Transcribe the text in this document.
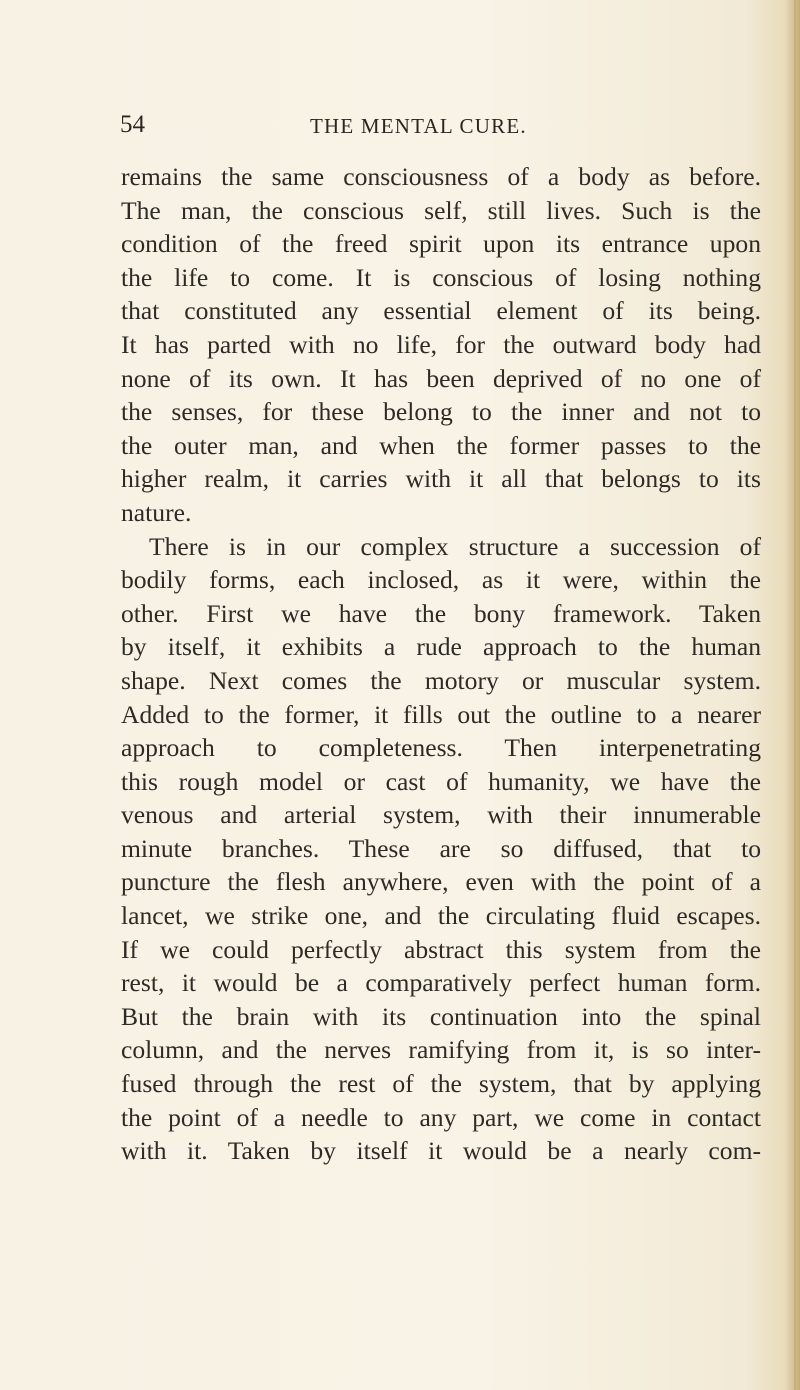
54	THE MENTAL CURE.
remains the same consciousness of a body as before.
The man, the conscious self, still lives. Such is the
condition of the freed spirit upon its entrance upon
the life to come. It is conscious of losing nothing
that constituted any essential element of its being.
It has parted with no life, for the outward body had
none of its own. It has been deprived of no one of
the senses, for these belong to the inner and not to
the outer man, and when the former passes to the
higher realm, it carries with it all that belongs to its
nature.
There is in our complex structure a succession of
bodily forms, each inclosed, as it were, within the
other. First we have the bony framework. Taken
by itself, it exhibits a rude approach to the human
shape. Next comes the motory or muscular system.
Added to the former, it fills out the outline to a nearer
approach to completeness. Then interpenetrating
this rough model or cast of humanity, we have the
venous and arterial system, with their innumerable
minute branches. These are so diffused, that to
puncture the flesh anywhere, even with the point of a
lancet, we strike one, and the circulating fluid escapes.
If we could perfectly abstract this system from the
rest, it would be a comparatively perfect human form.
But the brain with its continuation into the spinal
column, and the nerves ramifying from it, is so inter-
fused through the rest of the system, that by applying
the point of a needle to any part, we come in contact
with it. Taken by itself it would be a nearly com-
